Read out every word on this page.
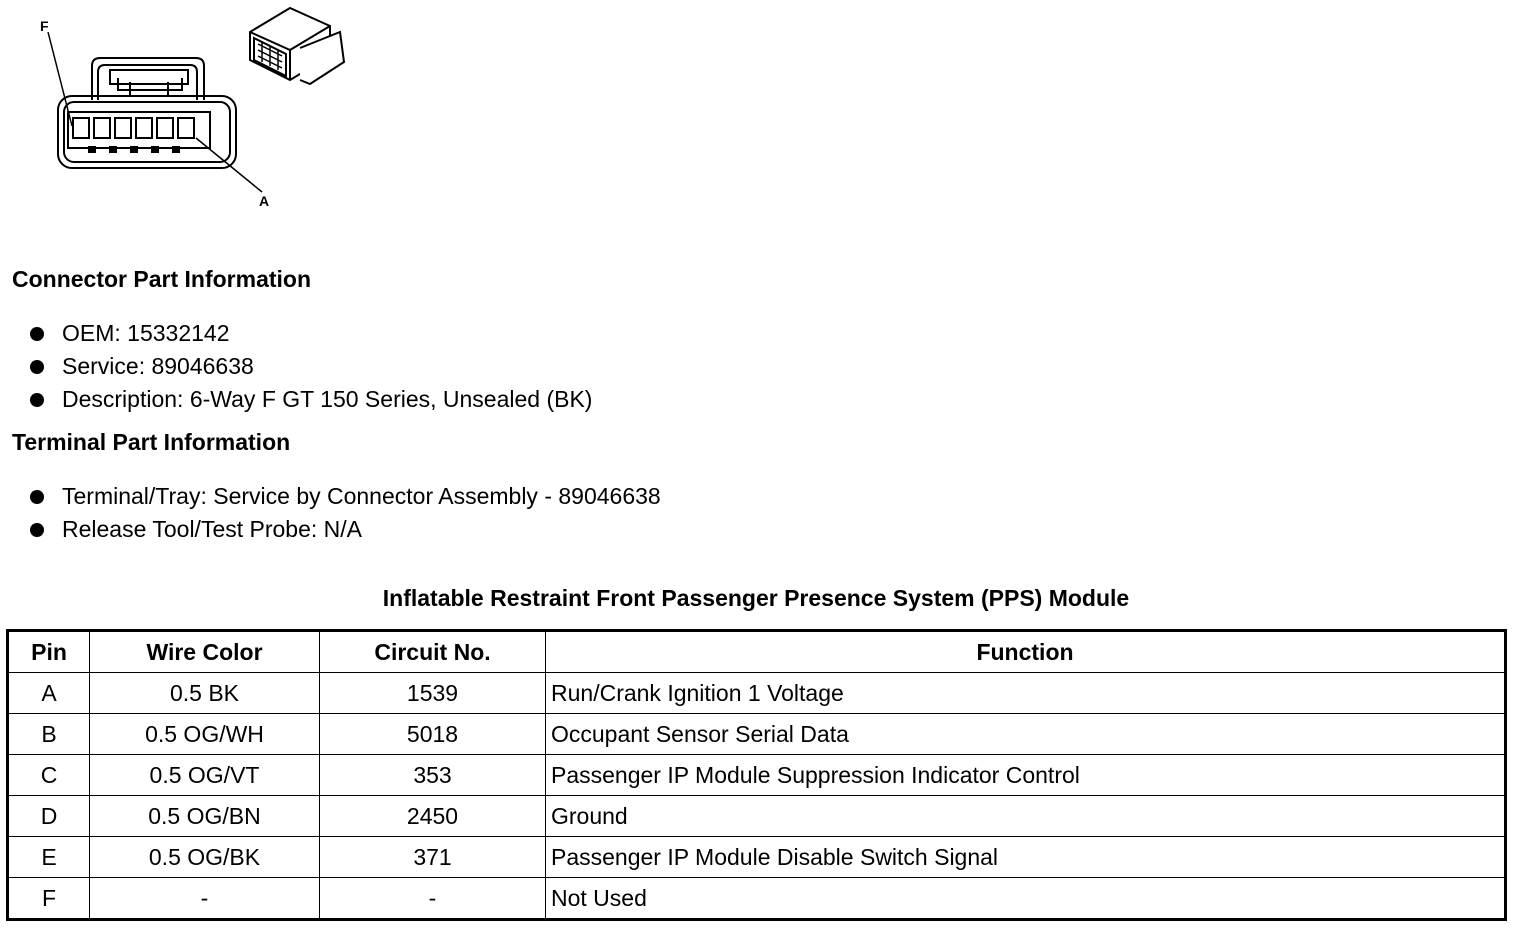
F
A
Connector Part Information
OEM: 15332142
Service: 89046638
Description: 6-Way F GT 150 Series, Unsealed (BK)
Terminal Part Information
Terminal/Tray: Service by Connector Assembly - 89046638
Release Tool/Test Probe: N/A
Inflatable Restraint Front Passenger Presence System (PPS) Module
Pin	Wire Color	Circuit No.	Function
A	0.5 BK	1539	Run/Crank Ignition 1 Voltage
B	0.5 OG/WH	5018	Occupant Sensor Serial Data
C	0.5 OG/VT	353	Passenger IP Module Suppression Indicator Control
D	0.5 OG/BN	2450	Ground
E	0.5 OG/BK	371	Passenger IP Module Disable Switch Signal
F	-	-	Not Used
